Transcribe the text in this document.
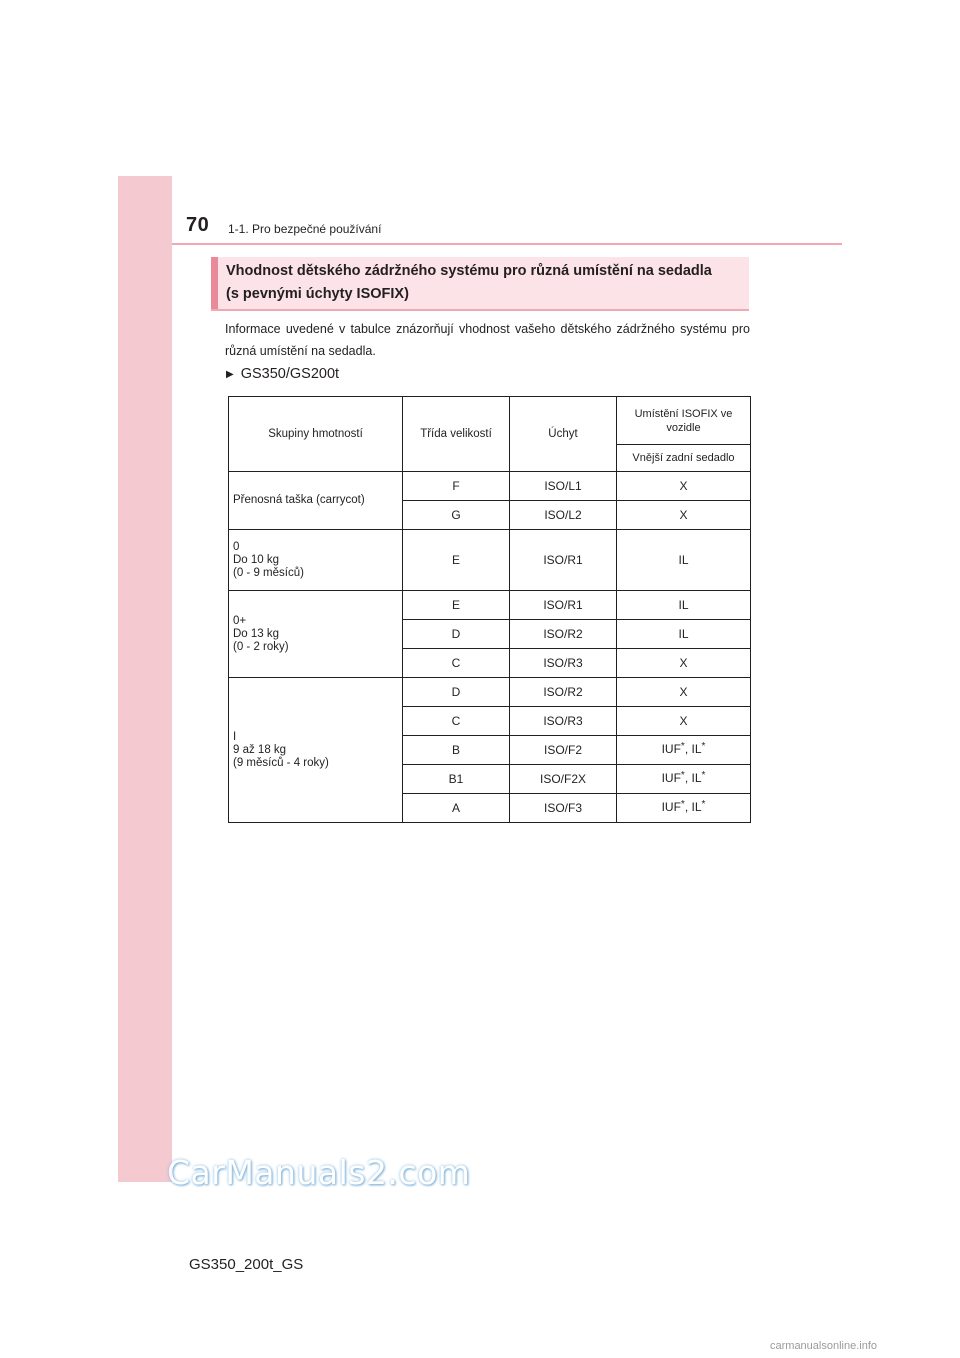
70 1-1. Pro bezpečné používání
Vhodnost dětského zádržného systému pro různá umístění na sedadla
(s pevnými úchyty ISOFIX)
Informace uvedené v tabulce znázorňují vhodnost vašeho dětského zádržného systému pro různá umístění na sedadla.
▶ GS350/GS200t
Skupiny hmotností	Třída velikostí	Úchyt	Umístění ISOFIX ve vozidle
			Vnější zadní sedadlo

Přenosná taška (carrycot)	F	ISO/L1	X
	G	ISO/L2	X

0
Do 10 kg
(0 - 9 měsíců)	E	ISO/R1	IL

0+
Do 13 kg
(0 - 2 roky)	E	ISO/R1	IL
	D	ISO/R2	IL
	C	ISO/R3	X

I
9 až 18 kg
(9 měsíců - 4 roky)	D	ISO/R2	X
	C	ISO/R3	X
	B	ISO/F2	IUF*, IL*
	B1	ISO/F2X	IUF*, IL*
	A	ISO/F3	IUF*, IL*
GS350_200t_GS
CarManuals2.com
carmanualsonline.info
